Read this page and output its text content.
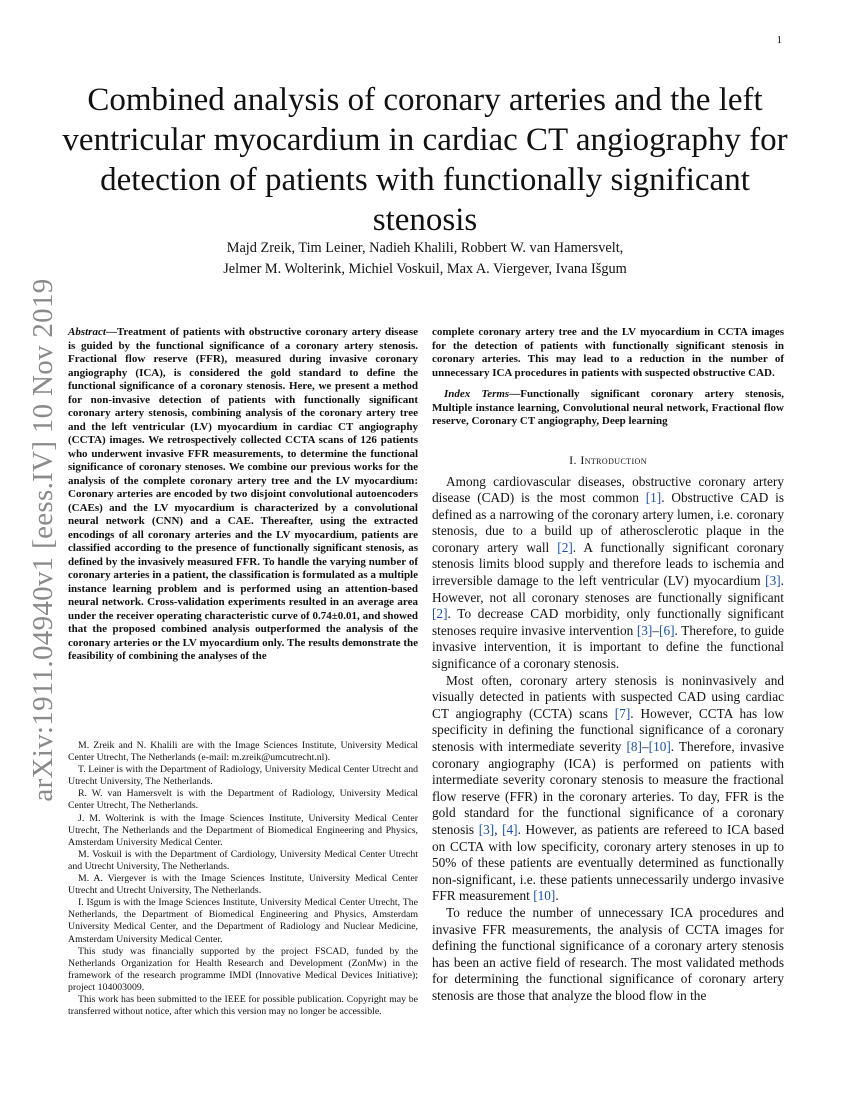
1
arXiv:1911.04940v1 [eess.IV] 10 Nov 2019
Combined analysis of coronary arteries and the left ventricular myocardium in cardiac CT angiography for detection of patients with functionally significant stenosis
Majd Zreik, Tim Leiner, Nadieh Khalili, Robbert W. van Hamersvelt,
Jelmer M. Wolterink, Michiel Voskuil, Max A. Viergever, Ivana Išgum

Abstract—Treatment of patients with obstructive coronary artery disease is guided by the functional significance of a coronary artery stenosis. Fractional flow reserve (FFR), measured during invasive coronary angiography (ICA), is considered the gold standard to define the functional significance of a coronary stenosis. Here, we present a method for non-invasive detection of patients with functionally significant coronary artery stenosis, combining analysis of the coronary artery tree and the left ventricular (LV) myocardium in cardiac CT angiography (CCTA) images. We retrospectively collected CCTA scans of 126 patients who underwent invasive FFR measurements, to determine the functional significance of coronary stenoses. We combine our previous works for the analysis of the complete coronary artery tree and the LV myocardium: Coronary arteries are encoded by two disjoint convolutional autoencoders (CAEs) and the LV myocardium is characterized by a convolutional neural network (CNN) and a CAE. Thereafter, using the extracted encodings of all coronary arteries and the LV myocardium, patients are classified according to the presence of functionally significant stenosis, as defined by the invasively measured FFR. To handle the varying number of coronary arteries in a patient, the classification is formulated as a multiple instance learning problem and is performed using an attention-based neural network. Cross-validation experiments resulted in an average area under the receiver operating characteristic curve of 0.74±0.01, and showed that the proposed combined analysis outperformed the analysis of the coronary arteries or the LV myocardium only. The results demonstrate the feasibility of combining the analyses of the

M. Zreik and N. Khalili are with the Image Sciences Institute, University Medical Center Utrecht, The Netherlands (e-mail: m.zreik@umcutrecht.nl).

T. Leiner is with the Department of Radiology, University Medical Center Utrecht and Utrecht University, The Netherlands.

R. W. van Hamersvelt is with the Department of Radiology, University Medical Center Utrecht, The Netherlands.

J. M. Wolterink is with the Image Sciences Institute, University Medical Center Utrecht, The Netherlands and the Department of Biomedical Engineering and Physics, Amsterdam University Medical Center.

M. Voskuil is with the Department of Cardiology, University Medical Center Utrecht and Utrecht University, The Netherlands.

M. A. Viergever is with the Image Sciences Institute, University Medical Center Utrecht and Utrecht University, The Netherlands.

I. Išgum is with the Image Sciences Institute, University Medical Center Utrecht, The Netherlands, the Department of Biomedical Engineering and Physics, Amsterdam University Medical Center, and the Department of Radiology and Nuclear Medicine, Amsterdam University Medical Center.

This study was financially supported by the project FSCAD, funded by the Netherlands Organization for Health Research and Development (ZonMw) in the framework of the research programme IMDI (Innovative Medical Devices Initiative); project 104003009.

This work has been submitted to the IEEE for possible publication. Copyright may be transferred without notice, after which this version may no longer be accessible.

complete coronary artery tree and the LV myocardium in CCTA images for the detection of patients with functionally significant stenosis in coronary arteries. This may lead to a reduction in the number of unnecessary ICA procedures in patients with suspected obstructive CAD.

Index Terms—Functionally significant coronary artery stenosis, Multiple instance learning, Convolutional neural network, Fractional flow reserve, Coronary CT angiography, Deep learning

I. Introduction

Among cardiovascular diseases, obstructive coronary artery disease (CAD) is the most common [1]. Obstructive CAD is defined as a narrowing of the coronary artery lumen, i.e. coronary stenosis, due to a build up of atherosclerotic plaque in the coronary artery wall [2]. A functionally significant coronary stenosis limits blood supply and therefore leads to ischemia and irreversible damage to the left ventricular (LV) myocardium [3]. However, not all coronary stenoses are functionally significant [2]. To decrease CAD morbidity, only functionally significant stenoses require invasive intervention [3]–[6]. Therefore, to guide invasive intervention, it is important to define the functional significance of a coronary stenosis.

Most often, coronary artery stenosis is noninvasively and visually detected in patients with suspected CAD using cardiac CT angiography (CCTA) scans [7]. However, CCTA has low specificity in defining the functional significance of a coronary stenosis with intermediate severity [8]–[10]. Therefore, invasive coronary angiography (ICA) is performed on patients with intermediate severity coronary stenosis to measure the fractional flow reserve (FFR) in the coronary arteries. To day, FFR is the gold standard for the functional significance of a coronary stenosis [3], [4]. However, as patients are refereed to ICA based on CCTA with low specificity, coronary artery stenoses in up to 50% of these patients are eventually determined as functionally non-significant, i.e. these patients unnecessarily undergo invasive FFR measurement [10].

To reduce the number of unnecessary ICA procedures and invasive FFR measurements, the analysis of CCTA images for defining the functional significance of a coronary artery stenosis has been an active field of research. The most validated methods for determining the functional significance of coronary artery stenosis are those that analyze the blood flow in the
